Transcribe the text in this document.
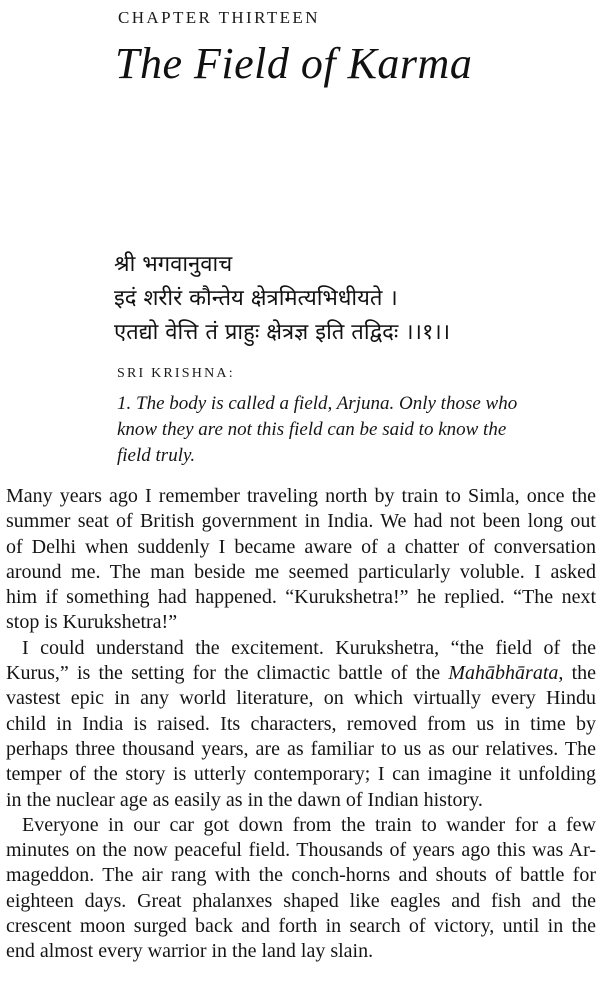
CHAPTER THIRTEEN
The Field of Karma
श्री भगवानुवाच
इदं शरीरं कौन्तेय क्षेत्रमित्यभिधीयते ।
एतद्यो वेत्ति तं प्राहुः क्षेत्रज्ञ इति तद्विदः ।।१।।
SRI KRISHNA:
1. The body is called a field, Arjuna. Only those who
know they are not this field can be said to know the
field truly.
Many years ago I remember traveling north by train to Simla, once the
summer seat of British government in India. We had not been long out
of Delhi when suddenly I became aware of a chatter of conversation
around me. The man beside me seemed particularly voluble. I asked
him if something had happened. “Kurukshetra!” he replied. “The next
stop is Kurukshetra!”
I could understand the excitement. Kurukshetra, “the field of the
Kurus,” is the setting for the climactic battle of the Mahābhārata, the
vastest epic in any world literature, on which virtually every Hindu
child in India is raised. Its characters, removed from us in time by
perhaps three thousand years, are as familiar to us as our relatives. The
temper of the story is utterly contemporary; I can imagine it unfolding
in the nuclear age as easily as in the dawn of Indian history.
Everyone in our car got down from the train to wander for a few
minutes on the now peaceful field. Thousands of years ago this was Ar-
mageddon. The air rang with the conch-horns and shouts of battle for
eighteen days. Great phalanxes shaped like eagles and fish and the
crescent moon surged back and forth in search of victory, until in the
end almost every warrior in the land lay slain.
